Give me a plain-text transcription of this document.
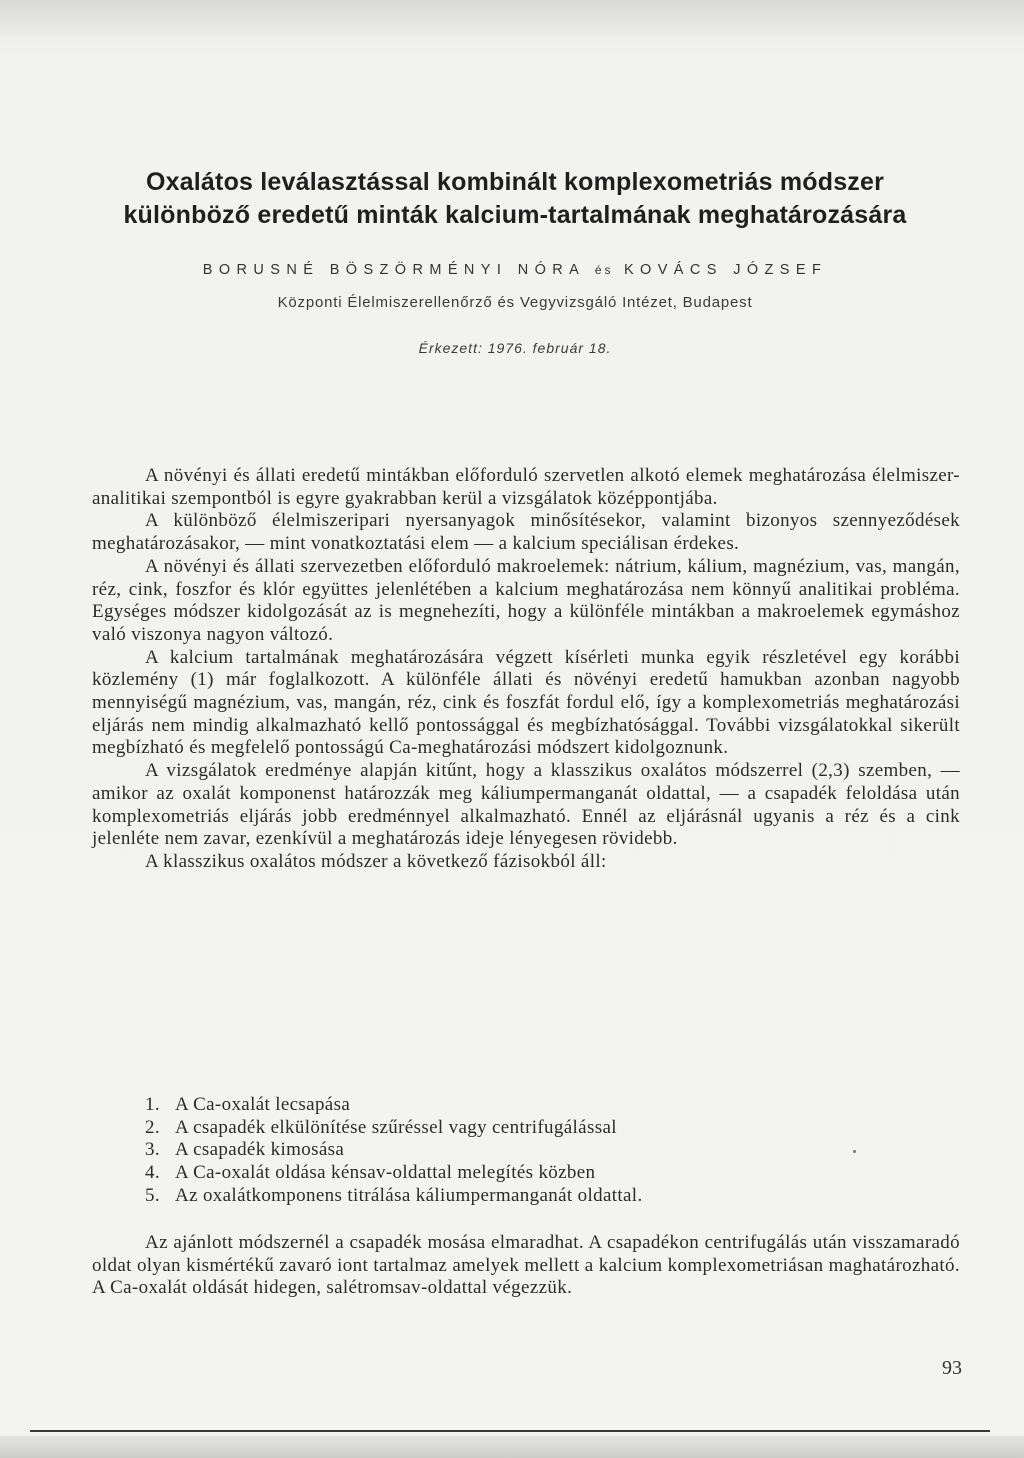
Oxalátos leválasztással kombinált komplexometriás módszer
különböző eredetű minták kalcium-tartalmának meghatározására
BORUSNÉ BÖSZÖRMÉNYI NÓRA és KOVÁCS JÓZSEF
Központi Élelmiszerellenőrző és Vegyvizsgáló Intézet, Budapest
Érkezett: 1976. február 18.

A növényi és állati eredetű mintákban előforduló szervetlen alkotó elemek meghatározása élelmiszer-analitikai szempontból is egyre gyakrabban kerül a vizsgálatok középpontjába.

A különböző élelmiszeripari nyersanyagok minősítésekor, valamint bizonyos szennyeződések meghatározásakor, — mint vonatkoztatási elem — a kalcium speciálisan érdekes.

A növényi és állati szervezetben előforduló makroelemek: nátrium, kálium, magnézium, vas, mangán, réz, cink, foszfor és klór együttes jelenlétében a kalcium meghatározása nem könnyű analitikai probléma. Egységes módszer kidolgozását az is megnehezíti, hogy a különféle mintákban a makroelemek egymáshoz való viszonya nagyon változó.

A kalcium tartalmának meghatározására végzett kísérleti munka egyik részletével egy korábbi közlemény (1) már foglalkozott. A különféle állati és növényi eredetű hamukban azonban nagyobb mennyiségű magnézium, vas, mangán, réz, cink és foszfát fordul elő, így a komplexometriás meghatározási eljárás nem mindig alkalmazható kellő pontossággal és megbízhatósággal. További vizsgálatokkal sikerült megbízható és megfelelő pontosságú Ca-meghatározási módszert kidolgoznunk.

A vizsgálatok eredménye alapján kitűnt, hogy a klasszikus oxalátos módszerrel (2,3) szemben, — amikor az oxalát komponenst határozzák meg káliumpermanganát oldattal, — a csapadék feloldása után komplexometriás eljárás jobb eredménnyel alkalmazható. Ennél az eljárásnál ugyanis a réz és a cink jelenléte nem zavar, ezenkívül a meghatározás ideje lényegesen rövidebb.

A klasszikus oxalátos módszer a következő fázisokból áll:

1. A Ca-oxalát lecsapása
2. A csapadék elkülönítése szűréssel vagy centrifugálással
3. A csapadék kimosása
4. A Ca-oxalát oldása kénsav-oldattal melegítés közben
5. Az oxalátkomponens titrálása káliumpermanganát oldattal.

Az ajánlott módszernél a csapadék mosása elmaradhat. A csapadékon centrifugálás után visszamaradó oldat olyan kismértékű zavaró iont tartalmaz amelyek mellett a kalcium komplexometriásan maghatározható. A Ca-oxalát oldását hidegen, salétromsav-oldattal végezzük.

93
